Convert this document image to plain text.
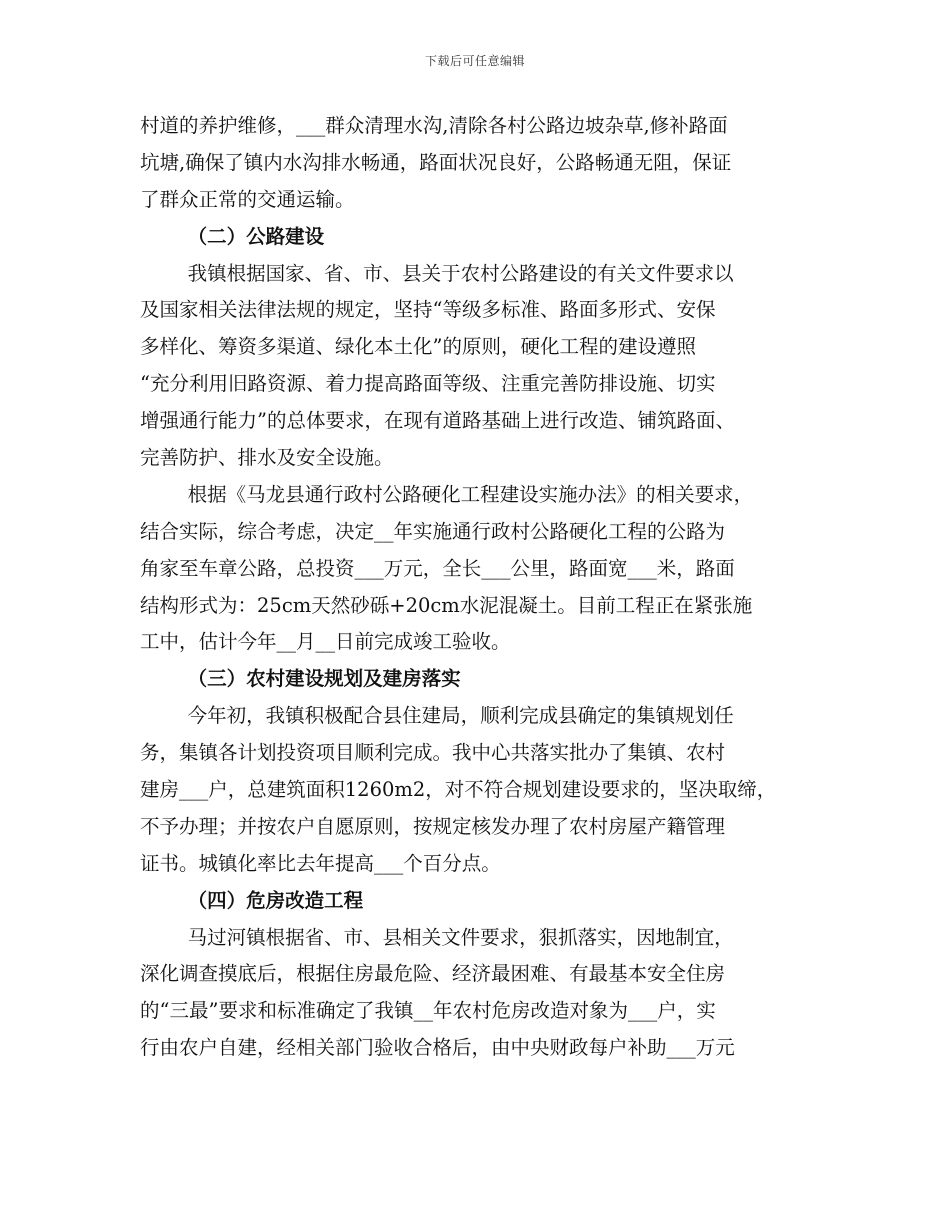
下载后可任意编辑
村道的养护维修，___群众清理水沟,清除各村公路边坡杂草,修补路面
坑塘,确保了镇内水沟排水畅通，路面状况良好，公路畅通无阻，保证
了群众正常的交通运输。
（二）公路建设
我镇根据国家、省、市、县关于农村公路建设的有关文件要求以
及国家相关法律法规的规定，坚持“等级多标准、路面多形式、安保
多样化、筹资多渠道、绿化本土化”的原则，硬化工程的建设遵照
“充分利用旧路资源、着力提高路面等级、注重完善防排设施、切实
增强通行能力”的总体要求，在现有道路基础上进行改造、铺筑路面、
完善防护、排水及安全设施。
根据《马龙县通行政村公路硬化工程建设实施办法》的相关要求，
结合实际，综合考虑，决定__年实施通行政村公路硬化工程的公路为
角家至车章公路，总投资___万元，全长___公里，路面宽___米，路面
结构形式为：25cm天然砂砾+20cm水泥混凝土。目前工程正在紧张施
工中，估计今年__月__日前完成竣工验收。
（三）农村建设规划及建房落实
今年初，我镇积极配合县住建局，顺利完成县确定的集镇规划任
务，集镇各计划投资项目顺利完成。我中心共落实批办了集镇、农村
建房___户，总建筑面积1260m2，对不符合规划建设要求的，坚决取缔，
不予办理；并按农户自愿原则，按规定核发办理了农村房屋产籍管理
证书。城镇化率比去年提高___个百分点。
（四）危房改造工程
马过河镇根据省、市、县相关文件要求，狠抓落实，因地制宜，
深化调查摸底后，根据住房最危险、经济最困难、有最基本安全住房
的“三最”要求和标准确定了我镇__年农村危房改造对象为___户，实
行由农户自建，经相关部门验收合格后，由中央财政每户补助___万元
